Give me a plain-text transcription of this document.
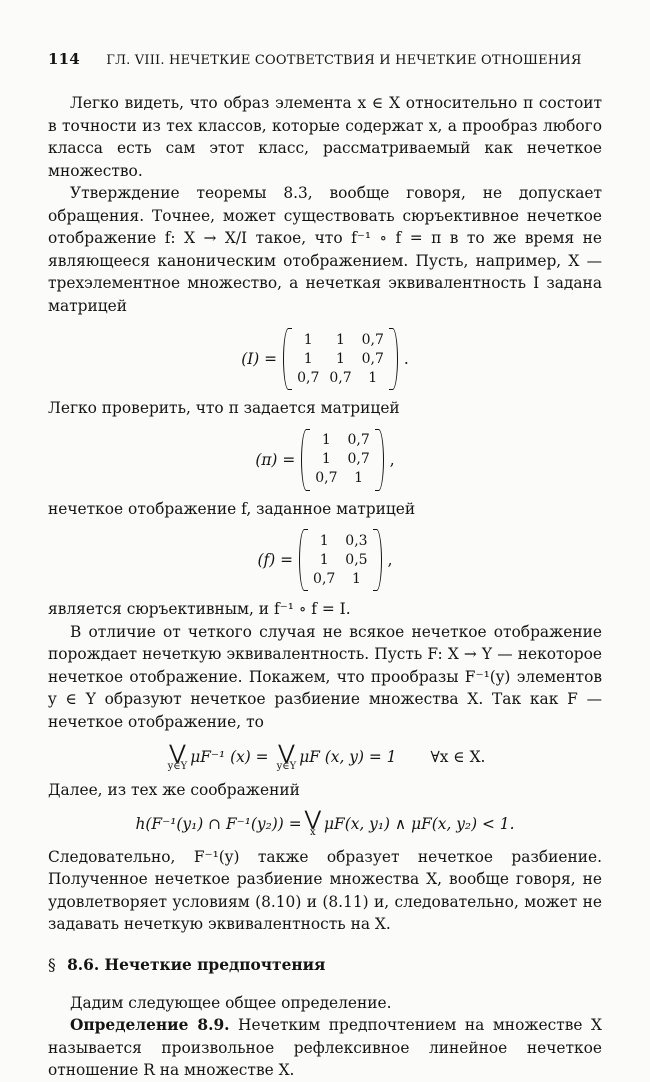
114 ГЛ. VIII. НЕЧЕТКИЕ СООТВЕТСТВИЯ И НЕЧЕТКИЕ ОТНОШЕНИЯ

Легко видеть, что образ элемента x ∈ X относительно π состоит в точности из тех классов, которые содержат x, а прообраз любого класса есть сам этот класс, рассматриваемый как нечеткое множество.

Утверждение теоремы 8.3, вообще говоря, не допускает обращения. Точнее, может существовать сюръективное нечеткое отображение f: X → X/I такое, что f⁻¹ ∘ f = π в то же время не являющееся каноническим отображением. Пусть, например, X — трехэлементное множество, а нечеткая эквивалентность I задана матрицей

(I) =
1	1	0,7
1	1	0,7
0,7	0,7	1
.

Легко проверить, что π задается матрицей

(π) =
1	0,7
1	0,7
0,7	1
,

нечеткое отображение f, заданное матрицей

(f) =
1	0,3
1	0,5
0,7	1
,

является сюръективным, и f⁻¹ ∘ f = I.

В отличие от четкого случая не всякое нечеткое отображение порождает нечеткую эквивалентность. Пусть F: X → Y — некоторое нечеткое отображение. Покажем, что прообразы F⁻¹(y) элементов y ∈ Y образуют нечеткое разбиение множества X. Так как F — нечеткое отображение, то

⋁
y∈Y μF⁻¹ (x) = ⋁
y∈Y μF (x, y) = 1 ∀x ∈ X.

Далее, из тех же соображений

h(F⁻¹(y₁) ∩ F⁻¹(y₂)) = ⋁
x μF(x, y₁) ∧ μF(x, y₂) < 1.

Следовательно, F⁻¹(y) также образует нечеткое разбиение. Полученное нечеткое разбиение множества X, вообще говоря, не удовлетворяет условиям (8.10) и (8.11) и, следовательно, может не задавать нечеткую эквивалентность на X.

§ 8.6. Нечеткие предпочтения

Дадим следующее общее определение.

Определение 8.9. Нечетким предпочтением на множестве X называется произвольное рефлексивное линейное нечеткое отношение R на множестве X.
